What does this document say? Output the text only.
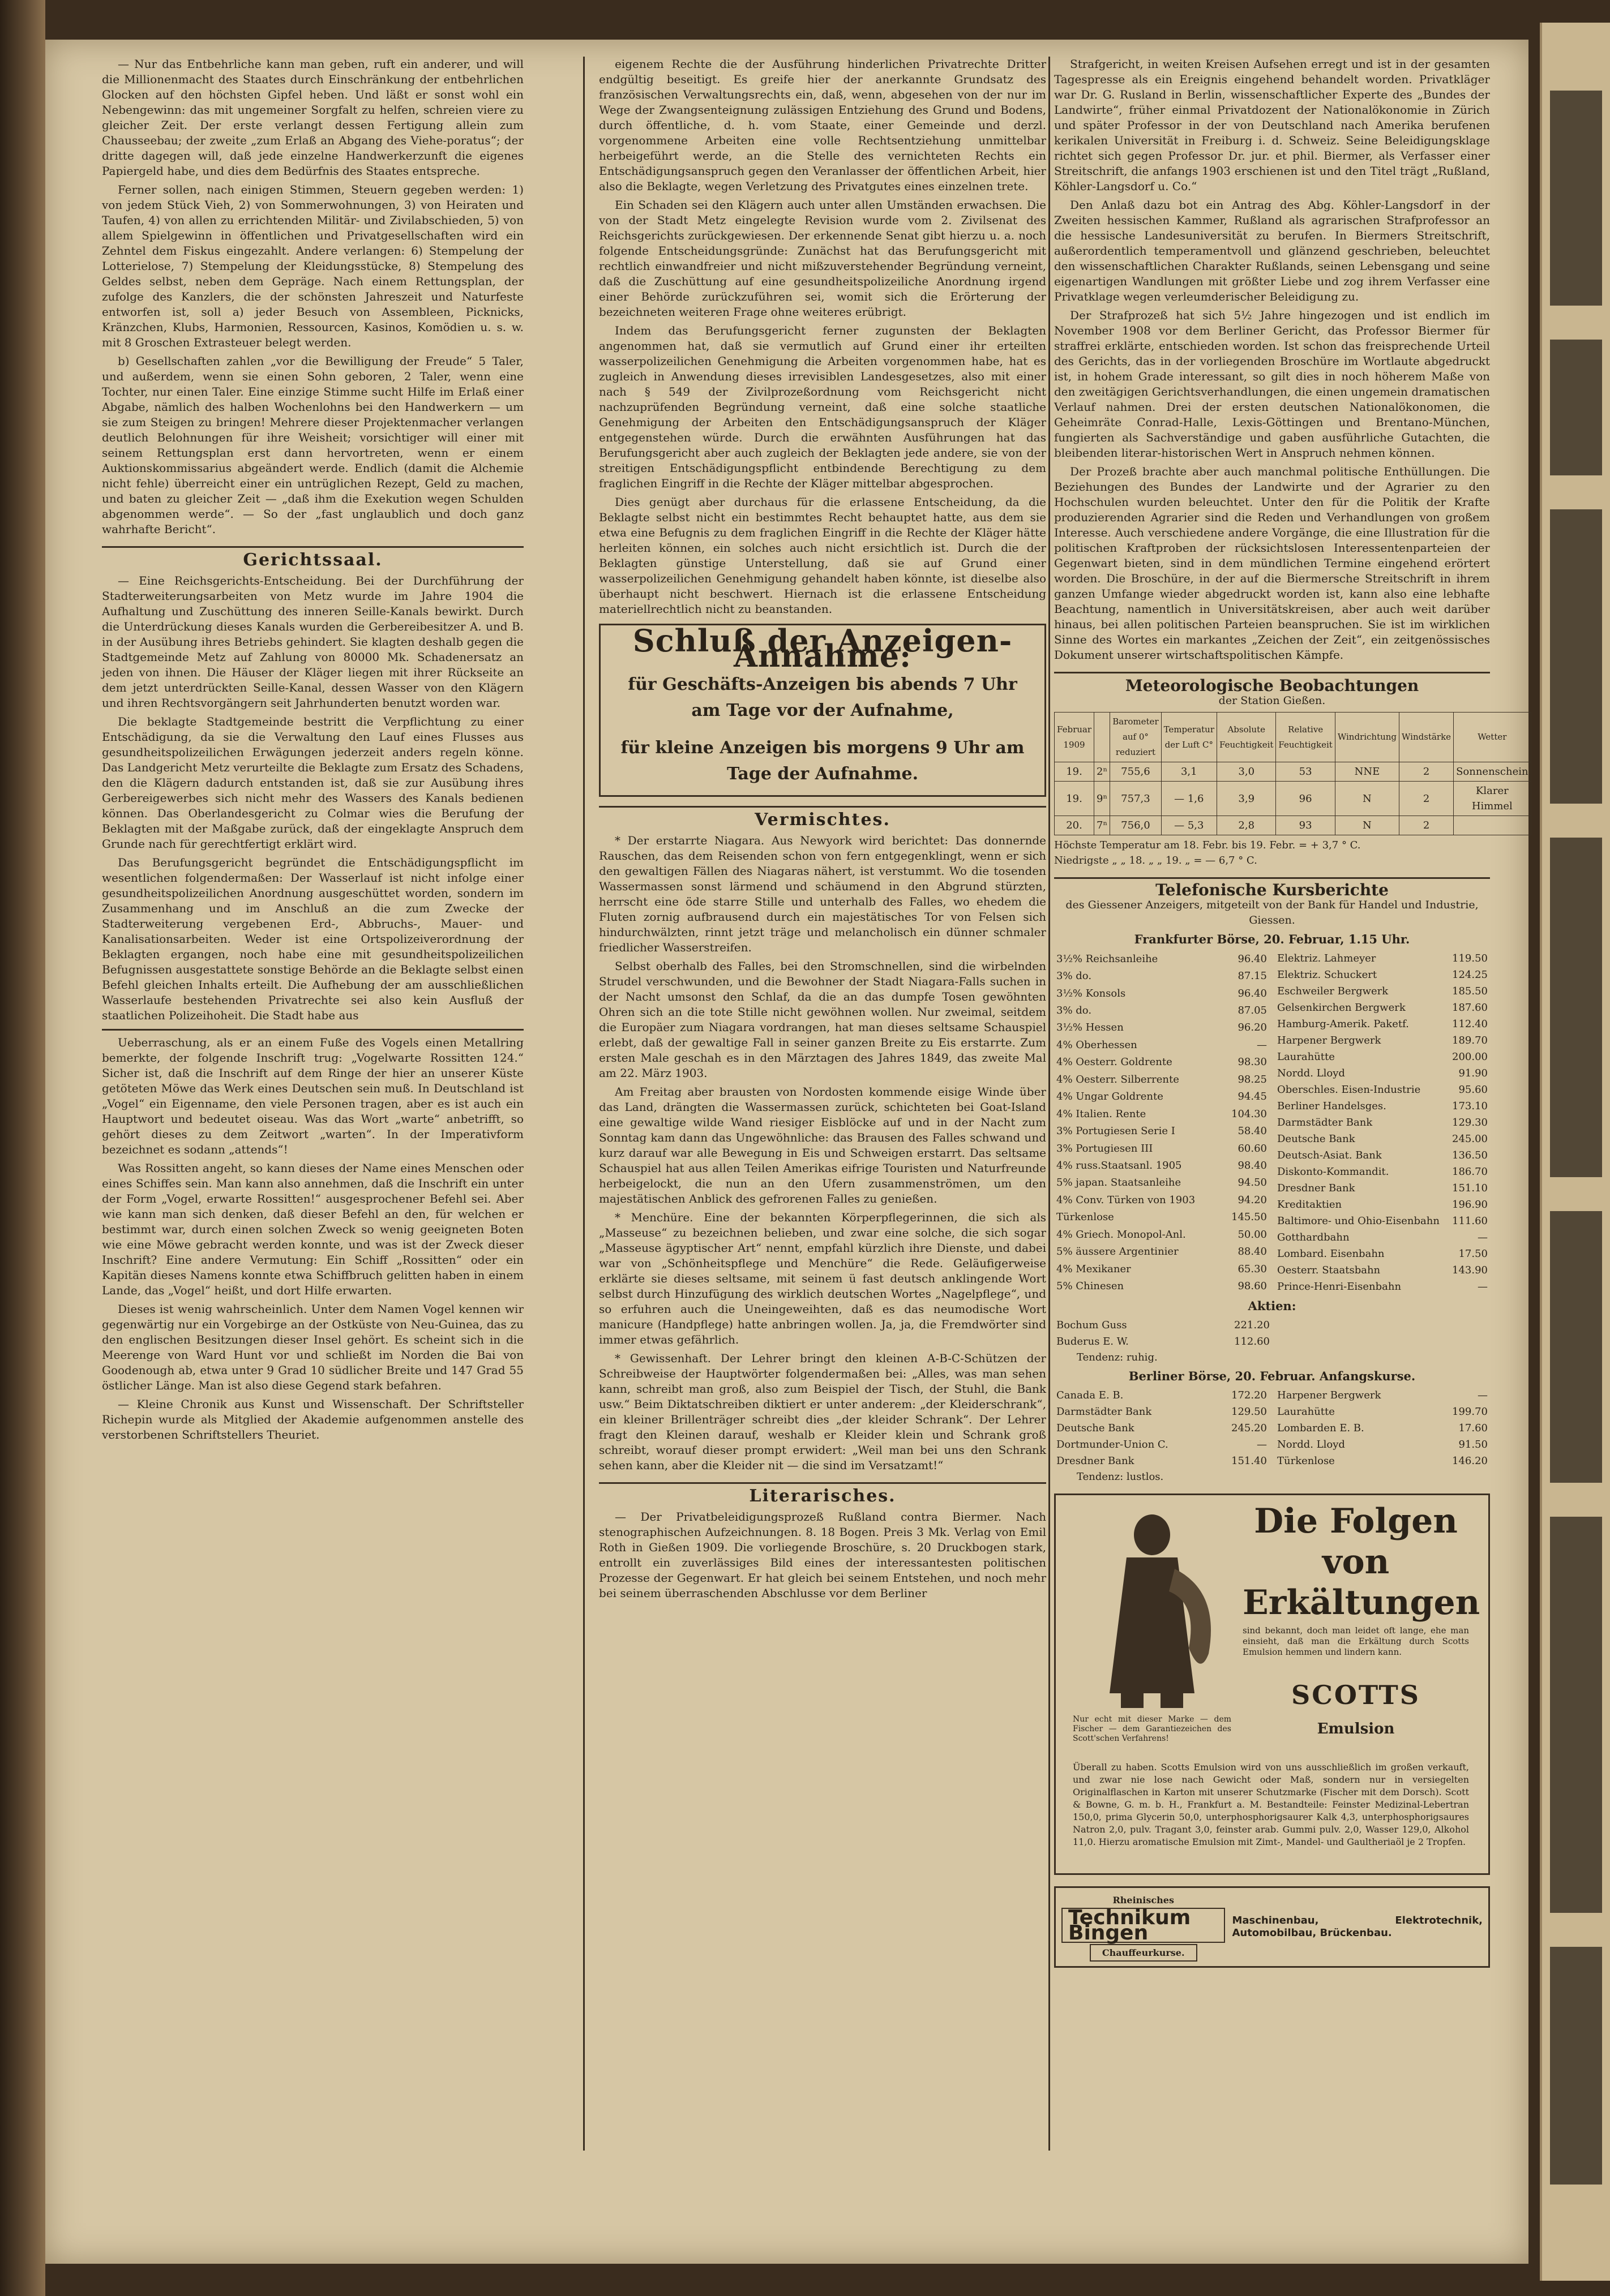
— Nur das Entbehrliche kann man geben, ruft ein anderer, und will die Millionenmacht des Staates durch Einschränkung der entbehrlichen Glocken auf den höchsten Gipfel heben. Und läßt er sonst wohl ein Nebengewinn: das mit ungemeiner Sorgfalt zu helfen, schreien viere zu gleicher Zeit. Der erste verlangt dessen Fertigung allein zum Chausseebau; der zweite „zum Erlaß an Abgang des Viehe-poratus“; der dritte dagegen will, daß jede einzelne Handwerkerzunft die eigenes Papiergeld habe, und dies dem Bedürfnis des Staates entspreche.

Ferner sollen, nach einigen Stimmen, Steuern gegeben werden: 1) von jedem Stück Vieh, 2) von Sommerwohnungen, 3) von Heiraten und Taufen, 4) von allen zu errichtenden Militär- und Zivilabschieden, 5) von allem Spielgewinn in öffentlichen und Privatgesellschaften wird ein Zehntel dem Fiskus eingezahlt. Andere verlangen: 6) Stempelung der Lotterielose, 7) Stempelung der Kleidungsstücke, 8) Stempelung des Geldes selbst, neben dem Gepräge. Nach einem Rettungsplan, der zufolge des Kanzlers, die der schönsten Jahreszeit und Naturfeste entworfen ist, soll a) jeder Besuch von Assembleen, Picknicks, Kränzchen, Klubs, Harmonien, Ressourcen, Kasinos, Komödien u. s. w. mit 8 Groschen Extrasteuer belegt werden.

b) Gesellschaften zahlen „vor die Bewilligung der Freude“ 5 Taler, und außerdem, wenn sie einen Sohn geboren, 2 Taler, wenn eine Tochter, nur einen Taler. Eine einzige Stimme sucht Hilfe im Erlaß einer Abgabe, nämlich des halben Wochenlohns bei den Handwerkern — um sie zum Steigen zu bringen! Mehrere dieser Projektenmacher verlangen deutlich Belohnungen für ihre Weisheit; vorsichtiger will einer mit seinem Rettungsplan erst dann hervortreten, wenn er einem Auktionskommissarius abgeändert werde. Endlich (damit die Alchemie nicht fehle) überreicht einer ein untrüglichen Rezept, Geld zu machen, und baten zu gleicher Zeit — „daß ihm die Exekution wegen Schulden abgenommen werde“. — So der „fast unglaublich und doch ganz wahrhafte Bericht“.

Gerichtssaal.

— Eine Reichsgerichts-Entscheidung. Bei der Durchführung der Stadterweiterungsarbeiten von Metz wurde im Jahre 1904 die Aufhaltung und Zuschüttung des inneren Seille-Kanals bewirkt. Durch die Unterdrückung dieses Kanals wurden die Gerbereibesitzer A. und B. in der Ausübung ihres Betriebs gehindert. Sie klagten deshalb gegen die Stadtgemeinde Metz auf Zahlung von 80000 Mk. Schadenersatz an jeden von ihnen. Die Häuser der Kläger liegen mit ihrer Rückseite an dem jetzt unterdrückten Seille-Kanal, dessen Wasser von den Klägern und ihren Rechtsvorgängern seit Jahrhunderten benutzt worden war.

Die beklagte Stadtgemeinde bestritt die Verpflichtung zu einer Entschädigung, da sie die Verwaltung den Lauf eines Flusses aus gesundheitspolizeilichen Erwägungen jederzeit anders regeln könne. Das Landgericht Metz verurteilte die Beklagte zum Ersatz des Schadens, den die Klägern dadurch entstanden ist, daß sie zur Ausübung ihres Gerbereigewerbes sich nicht mehr des Wassers des Kanals bedienen können. Das Oberlandesgericht zu Colmar wies die Berufung der Beklagten mit der Maßgabe zurück, daß der eingeklagte Anspruch dem Grunde nach für gerechtfertigt erklärt wird.

Das Berufungsgericht begründet die Entschädigungspflicht im wesentlichen folgendermaßen: Der Wasserlauf ist nicht infolge einer gesundheitspolizeilichen Anordnung ausgeschüttet worden, sondern im Zusammenhang und im Anschluß an die zum Zwecke der Stadterweiterung vergebenen Erd-, Abbruchs-, Mauer- und Kanalisationsarbeiten. Weder ist eine Ortspolizeiverordnung der Beklagten ergangen, noch habe eine mit gesundheitspolizeilichen Befugnissen ausgestattete sonstige Behörde an die Beklagte selbst einen Befehl gleichen Inhalts erteilt. Die Aufhebung der am ausschließlichen Wasserlaufe bestehenden Privatrechte sei also kein Ausfluß der staatlichen Polizeihoheit. Die Stadt habe aus

Ueberraschung, als er an einem Fuße des Vogels einen Metallring bemerkte, der folgende Inschrift trug: „Vogelwarte Rossitten 124.“ Sicher ist, daß die Inschrift auf dem Ringe der hier an unserer Küste getöteten Möwe das Werk eines Deutschen sein muß. In Deutschland ist „Vogel“ ein Eigenname, den viele Personen tragen, aber es ist auch ein Hauptwort und bedeutet oiseau. Was das Wort „warte“ anbetrifft, so gehört dieses zu dem Zeitwort „warten“. In der Imperativform bezeichnet es sodann „attends“!

Was Rossitten angeht, so kann dieses der Name eines Menschen oder eines Schiffes sein. Man kann also annehmen, daß die Inschrift ein unter der Form „Vogel, erwarte Rossitten!“ ausgesprochener Befehl sei. Aber wie kann man sich denken, daß dieser Befehl an den, für welchen er bestimmt war, durch einen solchen Zweck so wenig geeigneten Boten wie eine Möwe gebracht werden konnte, und was ist der Zweck dieser Inschrift? Eine andere Vermutung: Ein Schiff „Rossitten“ oder ein Kapitän dieses Namens konnte etwa Schiffbruch gelitten haben in einem Lande, das „Vogel“ heißt, und dort Hilfe erwarten.

Dieses ist wenig wahrscheinlich. Unter dem Namen Vogel kennen wir gegenwärtig nur ein Vorgebirge an der Ostküste von Neu-Guinea, das zu den englischen Besitzungen dieser Insel gehört. Es scheint sich in die Meerenge von Ward Hunt vor und schließt im Norden die Bai von Goodenough ab, etwa unter 9 Grad 10 südlicher Breite und 147 Grad 55 östlicher Länge. Man ist also diese Gegend stark befahren.

— Kleine Chronik aus Kunst und Wissenschaft. Der Schriftsteller Richepin wurde als Mitglied der Akademie aufgenommen anstelle des verstorbenen Schriftstellers Theuriet.

eigenem Rechte die der Ausführung hinderlichen Privatrechte Dritter endgültig beseitigt. Es greife hier der anerkannte Grundsatz des französischen Verwaltungsrechts ein, daß, wenn, abgesehen von der nur im Wege der Zwangsenteignung zulässigen Entziehung des Grund und Bodens, durch öffentliche, d. h. vom Staate, einer Gemeinde und derzl. vorgenommene Arbeiten eine volle Rechtsentziehung unmittelbar herbeigeführt werde, an die Stelle des vernichteten Rechts ein Entschädigungsanspruch gegen den Veranlasser der öffentlichen Arbeit, hier also die Beklagte, wegen Verletzung des Privatgutes eines einzelnen trete.

Ein Schaden sei den Klägern auch unter allen Umständen erwachsen. Die von der Stadt Metz eingelegte Revision wurde vom 2. Zivilsenat des Reichsgerichts zurückgewiesen. Der erkennende Senat gibt hierzu u. a. noch folgende Entscheidungsgründe: Zunächst hat das Berufungsgericht mit rechtlich einwandfreier und nicht mißzuverstehender Begründung verneint, daß die Zuschüttung auf eine gesundheitspolizeiliche Anordnung irgend einer Behörde zurückzuführen sei, womit sich die Erörterung der bezeichneten weiteren Frage ohne weiteres erübrigt.

Indem das Berufungsgericht ferner zugunsten der Beklagten angenommen hat, daß sie vermutlich auf Grund einer ihr erteilten wasserpolizeilichen Genehmigung die Arbeiten vorgenommen habe, hat es zugleich in Anwendung dieses irrevisiblen Landesgesetzes, also mit einer nach § 549 der Zivilprozeßordnung vom Reichsgericht nicht nachzuprüfenden Begründung verneint, daß eine solche staatliche Genehmigung der Arbeiten den Entschädigungsanspruch der Kläger entgegenstehen würde. Durch die erwähnten Ausführungen hat das Berufungsgericht aber auch zugleich der Beklagten jede andere, sie von der streitigen Entschädigungspflicht entbindende Berechtigung zu dem fraglichen Eingriff in die Rechte der Kläger mittelbar abgesprochen.

Dies genügt aber durchaus für die erlassene Entscheidung, da die Beklagte selbst nicht ein bestimmtes Recht behauptet hatte, aus dem sie etwa eine Befugnis zu dem fraglichen Eingriff in die Rechte der Kläger hätte herleiten können, ein solches auch nicht ersichtlich ist. Durch die der Beklagten günstige Unterstellung, daß sie auf Grund einer wasserpolizeilichen Genehmigung gehandelt haben könnte, ist dieselbe also überhaupt nicht beschwert. Hiernach ist die erlassene Entscheidung materiellrechtlich nicht zu beanstanden.

Schluß der Anzeigen-Annahme:
für Geschäfts-Anzeigen bis abends 7 Uhr am Tage vor der Aufnahme,
für kleine Anzeigen bis morgens 9 Uhr am Tage der Aufnahme.
Vermischtes.

* Der erstarrte Niagara. Aus Newyork wird berichtet: Das donnernde Rauschen, das dem Reisenden schon von fern entgegenklingt, wenn er sich den gewaltigen Fällen des Niagaras nähert, ist verstummt. Wo die tosenden Wassermassen sonst lärmend und schäumend in den Abgrund stürzten, herrscht eine öde starre Stille und unterhalb des Falles, wo ehedem die Fluten zornig aufbrausend durch ein majestätisches Tor von Felsen sich hindurchwälzten, rinnt jetzt träge und melancholisch ein dünner schmaler friedlicher Wasserstreifen.

Selbst oberhalb des Falles, bei den Stromschnellen, sind die wirbelnden Strudel verschwunden, und die Bewohner der Stadt Niagara-Falls suchen in der Nacht umsonst den Schlaf, da die an das dumpfe Tosen gewöhnten Ohren sich an die tote Stille nicht gewöhnen wollen. Nur zweimal, seitdem die Europäer zum Niagara vordrangen, hat man dieses seltsame Schauspiel erlebt, daß der gewaltige Fall in seiner ganzen Breite zu Eis erstarrte. Zum ersten Male geschah es in den Märztagen des Jahres 1849, das zweite Mal am 22. März 1903.

Am Freitag aber brausten von Nordosten kommende eisige Winde über das Land, drängten die Wassermassen zurück, schichteten bei Goat-Island eine gewaltige wilde Wand riesiger Eisblöcke auf und in der Nacht zum Sonntag kam dann das Ungewöhnliche: das Brausen des Falles schwand und kurz darauf war alle Bewegung in Eis und Schweigen erstarrt. Das seltsame Schauspiel hat aus allen Teilen Amerikas eifrige Touristen und Naturfreunde herbeigelockt, die nun an den Ufern zusammenströmen, um den majestätischen Anblick des gefrorenen Falles zu genießen.

* Menchüre. Eine der bekannten Körperpflegerinnen, die sich als „Masseuse“ zu bezeichnen belieben, und zwar eine solche, die sich sogar „Masseuse ägyptischer Art“ nennt, empfahl kürzlich ihre Dienste, und dabei war von „Schönheitspflege und Menchüre“ die Rede. Geläufigerweise erklärte sie dieses seltsame, mit seinem ü fast deutsch anklingende Wort selbst durch Hinzufügung des wirklich deutschen Wortes „Nagelpflege“, und so erfuhren auch die Uneingeweihten, daß es das neumodische Wort manicure (Handpflege) hatte anbringen wollen. Ja, ja, die Fremdwörter sind immer etwas gefährlich.

* Gewissenhaft. Der Lehrer bringt den kleinen A-B-C-Schützen der Schreibweise der Hauptwörter folgendermaßen bei: „Alles, was man sehen kann, schreibt man groß, also zum Beispiel der Tisch, der Stuhl, die Bank usw.“ Beim Diktatschreiben diktiert er unter anderem: „der Kleiderschrank“, ein kleiner Brillenträger schreibt dies „der kleider Schrank“. Der Lehrer fragt den Kleinen darauf, weshalb er Kleider klein und Schrank groß schreibt, worauf dieser prompt erwidert: „Weil man bei uns den Schrank sehen kann, aber die Kleider nit — die sind im Versatzamt!“

Literarisches.

— Der Privatbeleidigungsprozeß Rußland contra Biermer. Nach stenographischen Aufzeichnungen. 8. 18 Bogen. Preis 3 Mk. Verlag von Emil Roth in Gießen 1909. Die vorliegende Broschüre, s. 20 Druckbogen stark, entrollt ein zuverlässiges Bild eines der interessantesten politischen Prozesse der Gegenwart. Er hat gleich bei seinem Entstehen, und noch mehr bei seinem überraschenden Abschlusse vor dem Berliner

Strafgericht, in weiten Kreisen Aufsehen erregt und ist in der gesamten Tagespresse als ein Ereignis eingehend behandelt worden. Privatkläger war Dr. G. Rusland in Berlin, wissenschaftlicher Experte des „Bundes der Landwirte“, früher einmal Privatdozent der Nationalökonomie in Zürich und später Professor in der von Deutschland nach Amerika berufenen kerikalen Universität in Freiburg i. d. Schweiz. Seine Beleidigungsklage richtet sich gegen Professor Dr. jur. et phil. Biermer, als Verfasser einer Streitschrift, die anfangs 1903 erschienen ist und den Titel trägt „Rußland, Köhler-Langsdorf u. Co.“

Den Anlaß dazu bot ein Antrag des Abg. Köhler-Langsdorf in der Zweiten hessischen Kammer, Rußland als agrarischen Strafprofessor an die hessische Landesuniversität zu berufen. In Biermers Streitschrift, außerordentlich temperamentvoll und glänzend geschrieben, beleuchtet den wissenschaftlichen Charakter Rußlands, seinen Lebensgang und seine eigenartigen Wandlungen mit größter Liebe und zog ihrem Verfasser eine Privatklage wegen verleumderischer Beleidigung zu.

Der Strafprozeß hat sich 5½ Jahre hingezogen und ist endlich im November 1908 vor dem Berliner Gericht, das Professor Biermer für straffrei erklärte, entschieden worden. Ist schon das freisprechende Urteil des Gerichts, das in der vorliegenden Broschüre im Wortlaute abgedruckt ist, in hohem Grade interessant, so gilt dies in noch höherem Maße von den zweitägigen Gerichtsverhandlungen, die einen ungemein dramatischen Verlauf nahmen. Drei der ersten deutschen Nationalökonomen, die Geheimräte Conrad-Halle, Lexis-Göttingen und Brentano-München, fungierten als Sachverständige und gaben ausführliche Gutachten, die bleibenden literar-historischen Wert in Anspruch nehmen können.

Der Prozeß brachte aber auch manchmal politische Enthüllungen. Die Beziehungen des Bundes der Landwirte und der Agrarier zu den Hochschulen wurden beleuchtet. Unter den für die Politik der Krafte produzierenden Agrarier sind die Reden und Verhandlungen von großem Interesse. Auch verschiedene andere Vorgänge, die eine Illustration für die politischen Kraftproben der rücksichtslosen Interessentenparteien der Gegenwart bieten, sind in dem mündlichen Termine eingehend erörtert worden. Die Broschüre, in der auf die Biermersche Streitschrift in ihrem ganzen Umfange wieder abgedruckt worden ist, kann also eine lebhafte Beachtung, namentlich in Universitätskreisen, aber auch weit darüber hinaus, bei allen politischen Parteien beanspruchen. Sie ist im wirklichen Sinne des Wortes ein markantes „Zeichen der Zeit“, ein zeitgenössisches Dokument unserer wirtschaftspolitischen Kämpfe.

Meteorologische Beobachtungen
der Station Gießen.
Februar 1909		Barometer auf 0° reduziert	Temperatur der Luft C°	Absolute Feuchtigkeit	Relative Feuchtigkeit	Windrichtung	Windstärke	Wetter
19.	2ⁿ	755,6	3,1	3,0	53	NNE	2	Sonnenschein
19.	9ⁿ	757,3	— 1,6	3,9	96	N	2	Klarer Himmel
20.	7ⁿ	756,0	— 5,3	2,8	93	N	2	
Höchste Temperatur am 18. Febr. bis 19. Febr. = + 3,7 ° C.
Niedrigste „ „ 18. „ „ 19. „ = — 6,7 ° C.
Telefonische Kursberichte
des Giessener Anzeigers, mitgeteilt von der Bank für Handel und Industrie, Giessen.
Frankfurter Börse, 20. Februar, 1.15 Uhr.
3½% Reichsanleihe	96.40
3% do.	87.15
3½% Konsols	96.40
3% do.	87.05
3½% Hessen	96.20
4% Oberhessen	—
4% Oesterr. Goldrente	98.30
4% Oesterr. Silberrente	98.25
4% Ungar Goldrente	94.45
4% Italien. Rente	104.30
3% Portugiesen Serie I	58.40
3% Portugiesen III	60.60
4% russ.Staatsanl. 1905	98.40
5% japan. Staatsanleihe	94.50
4% Conv. Türken von 1903	94.20
Türkenlose	145.50
4% Griech. Monopol-Anl.	50.00
5% äussere Argentinier	88.40
4% Mexikaner	65.30
5% Chinesen	98.60
Elektriz. Lahmeyer	119.50
Elektriz. Schuckert	124.25
Eschweiler Bergwerk	185.50
Gelsenkirchen Bergwerk	187.60
Hamburg-Amerik. Paketf.	112.40
Harpener Bergwerk	189.70
Laurahütte	200.00
Nordd. Lloyd	91.90
Oberschles. Eisen-Industrie	95.60
Berliner Handelsges.	173.10
Darmstädter Bank	129.30
Deutsche Bank	245.00
Deutsch-Asiat. Bank	136.50
Diskonto-Kommandit.	186.70
Dresdner Bank	151.10
Kreditaktien	196.90
Baltimore- und Ohio-Eisenbahn	111.60
Gotthardbahn	—
Lombard. Eisenbahn	17.50
Oesterr. Staatsbahn	143.90
Prince-Henri-Eisenbahn	—
Aktien:
Bochum Guss	221.20
Buderus E. W.	112.60
Tendenz: ruhig.
Berliner Börse, 20. Februar. Anfangskurse.
Canada E. B.	172.20
Darmstädter Bank	129.50
Deutsche Bank	245.20
Dortmunder-Union C.	—
Dresdner Bank	151.40
Harpener Bergwerk	—
Laurahütte	199.70
Lombarden E. B.	17.60
Nordd. Lloyd	91.50
Türkenlose	146.20
Tendenz: lustlos.
Die Folgen von Erkältungen
sind bekannt, doch man leidet oft lange, ehe man einsieht, daß man die Erkältung durch Scotts Emulsion hemmen und lindern kann.
SCOTTS
Emulsion
Nur echt mit dieser Marke — dem Fischer — dem Garantiezeichen des Scott'schen Verfahrens!
Überall zu haben. Scotts Emulsion wird von uns ausschließlich im großen verkauft, und zwar nie lose nach Gewicht oder Maß, sondern nur in versiegelten Originalflaschen in Karton mit unserer Schutzmarke (Fischer mit dem Dorsch). Scott & Bowne, G. m. b. H., Frankfurt a. M. Bestandteile: Feinster Medizinal-Lebertran 150,0, prima Glycerin 50,0, unterphosphorigsaurer Kalk 4,3, unterphosphorigsaures Natron 2,0, pulv. Tragant 3,0, feinster arab. Gummi pulv. 2,0, Wasser 129,0, Alkohol 11,0. Hierzu aromatische Emulsion mit Zimt-, Mandel- und Gaultheriaöl je 2 Tropfen.
Rheinisches
Technikum Bingen
Chauffeurkurse.
Maschinenbau, Elektrotechnik, Automobilbau, Brückenbau.
